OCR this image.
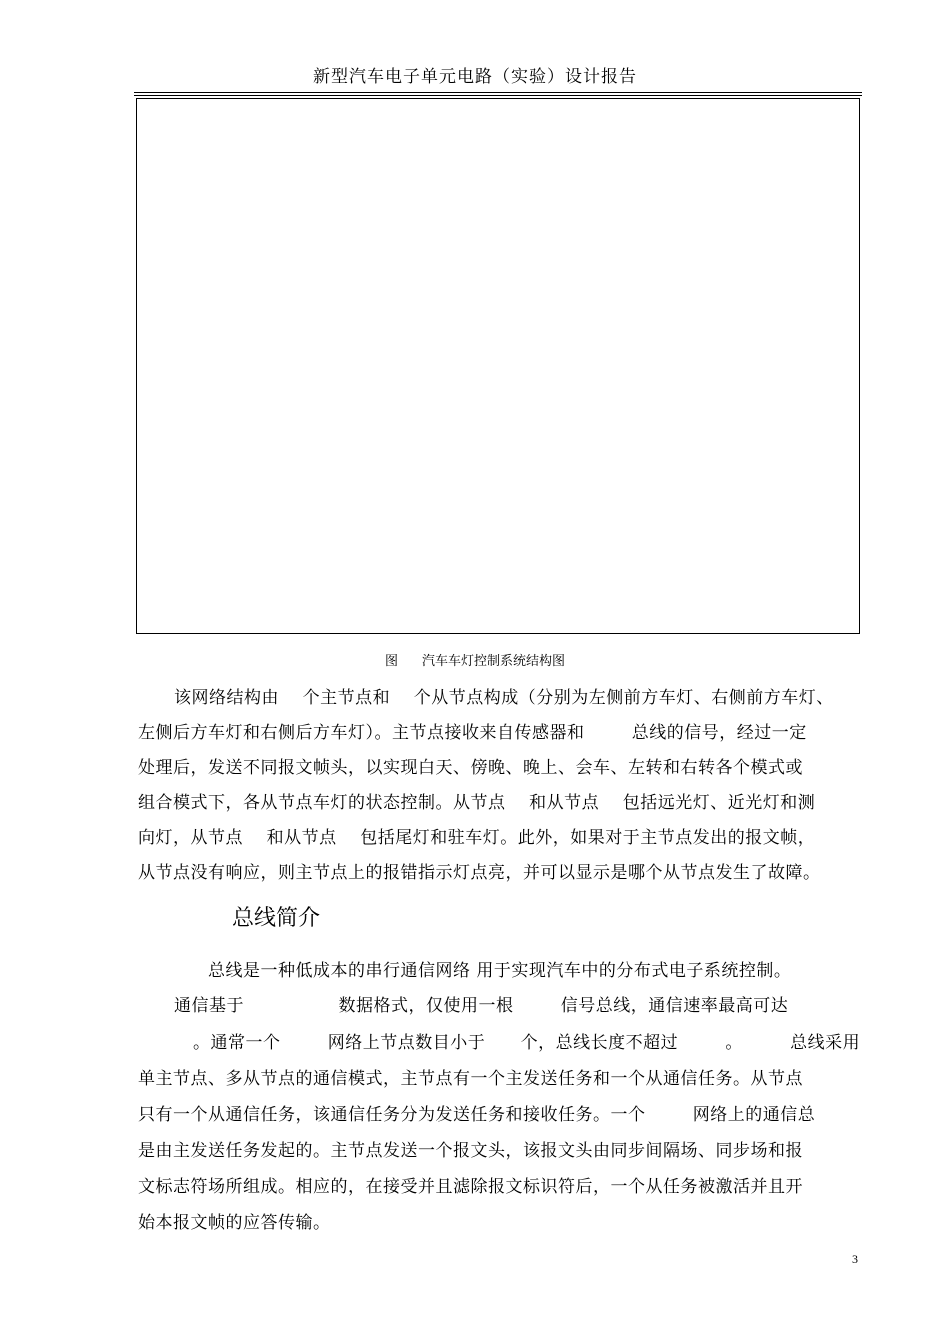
新型汽车电子单元电路（实验）设计报告
图 汽车车灯控制系统结构图
该网络结构由    个主节点和    个从节点构成（分别为左侧前方车灯、右侧前方车灯、
左侧后方车灯和右侧后方车灯）。主节点接收来自传感器和        总线的信号，经过一定
处理后，发送不同报文帧头，以实现白天、傍晚、晚上、会车、左转和右转各个模式或
组合模式下，各从节点车灯的状态控制。从节点    和从节点    包括远光灯、近光灯和测
向灯，从节点    和从节点    包括尾灯和驻车灯。此外，如果对于主节点发出的报文帧，
从节点没有响应，则主节点上的报错指示灯点亮，并可以显示是哪个从节点发生了故障。
总线简介
总线是一种低成本的串行通信网络 用于实现汽车中的分布式电子系统控制。
通信基于                数据格式，仅使用一根        信号总线，通信速率最高可达
。通常一个        网络上节点数目小于      个，总线长度不超过        。        总线采用
单主节点、多从节点的通信模式，主节点有一个主发送任务和一个从通信任务。从节点
只有一个从通信任务，该通信任务分为发送任务和接收任务。一个        网络上的通信总
是由主发送任务发起的。主节点发送一个报文头，该报文头由同步间隔场、同步场和报
文标志符场所组成。相应的，在接受并且滤除报文标识符后，一个从任务被激活并且开
始本报文帧的应答传输。
3
